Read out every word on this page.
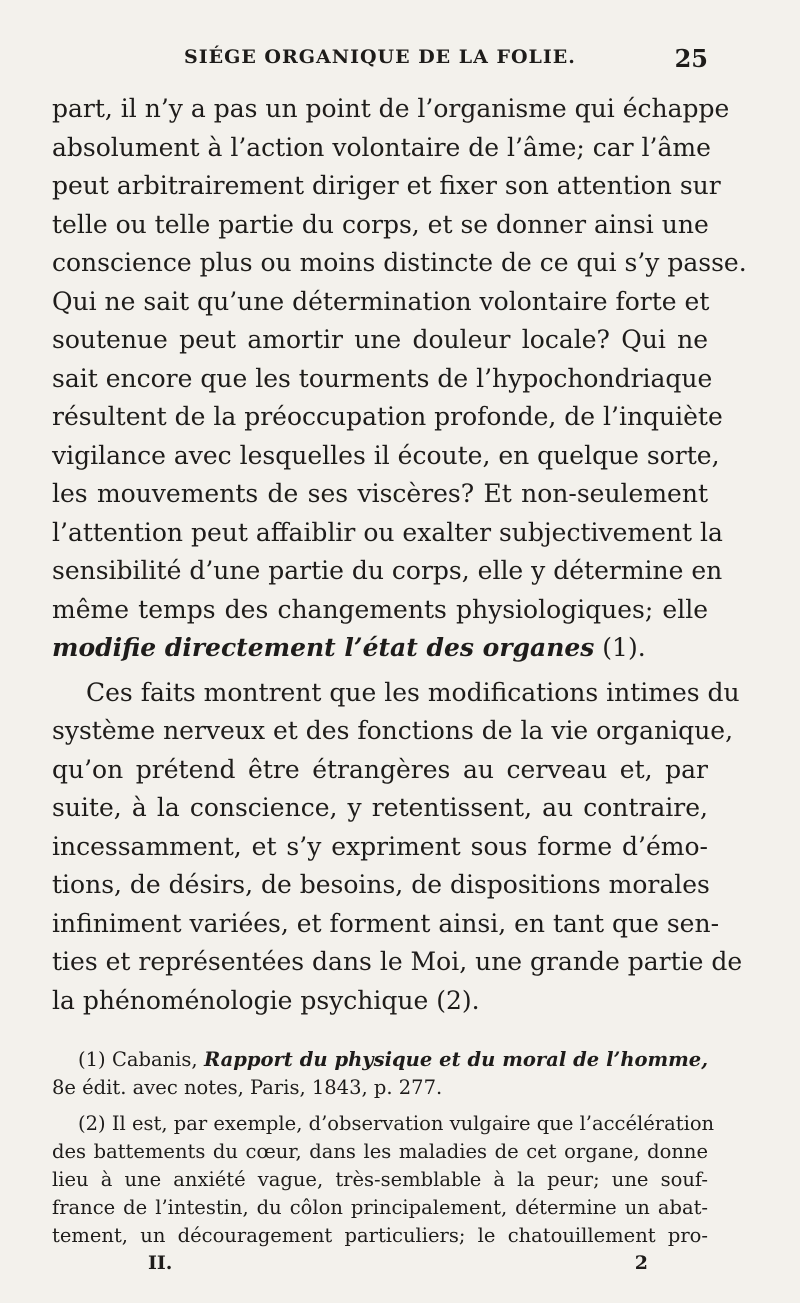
SIÉGE ORGANIQUE DE LA FOLIE.	25
part, il n’y a pas un point de l’organisme qui échappe
absolument à l’action volontaire de l’âme; car l’âme
peut arbitrairement diriger et fixer son attention sur
telle ou telle partie du corps, et se donner ainsi une
conscience plus ou moins distincte de ce qui s’y passe.
Qui ne sait qu’une détermination volontaire forte et
soutenue peut amortir une douleur locale? Qui ne
sait encore que les tourments de l’hypochondriaque
résultent de la préoccupation profonde, de l’inquiète
vigilance avec lesquelles il écoute, en quelque sorte,
les mouvements de ses viscères? Et non-seulement
l’attention peut affaiblir ou exalter subjectivement la
sensibilité d’une partie du corps, elle y détermine en
même temps des changements physiologiques; elle
modifie directement l’état des organes (1).
Ces faits montrent que les modifications intimes du
système nerveux et des fonctions de la vie organique,
qu’on prétend être étrangères au cerveau et, par
suite, à la conscience, y retentissent, au contraire,
incessamment, et s’y expriment sous forme d’émo-
tions, de désirs, de besoins, de dispositions morales
infiniment variées, et forment ainsi, en tant que sen-
ties et représentées dans le Moi, une grande partie de
la phénoménologie psychique (2).
(1) Cabanis, Rapport du physique et du moral de l’homme,
8e édit. avec notes, Paris, 1843, p. 277.
(2) Il est, par exemple, d’observation vulgaire que l’accélération
des battements du cœur, dans les maladies de cet organe, donne
lieu à une anxiété vague, très-semblable à la peur; une souf-
france de l’intestin, du côlon principalement, détermine un abat-
tement, un découragement particuliers; le chatouillement pro-
II.	2
